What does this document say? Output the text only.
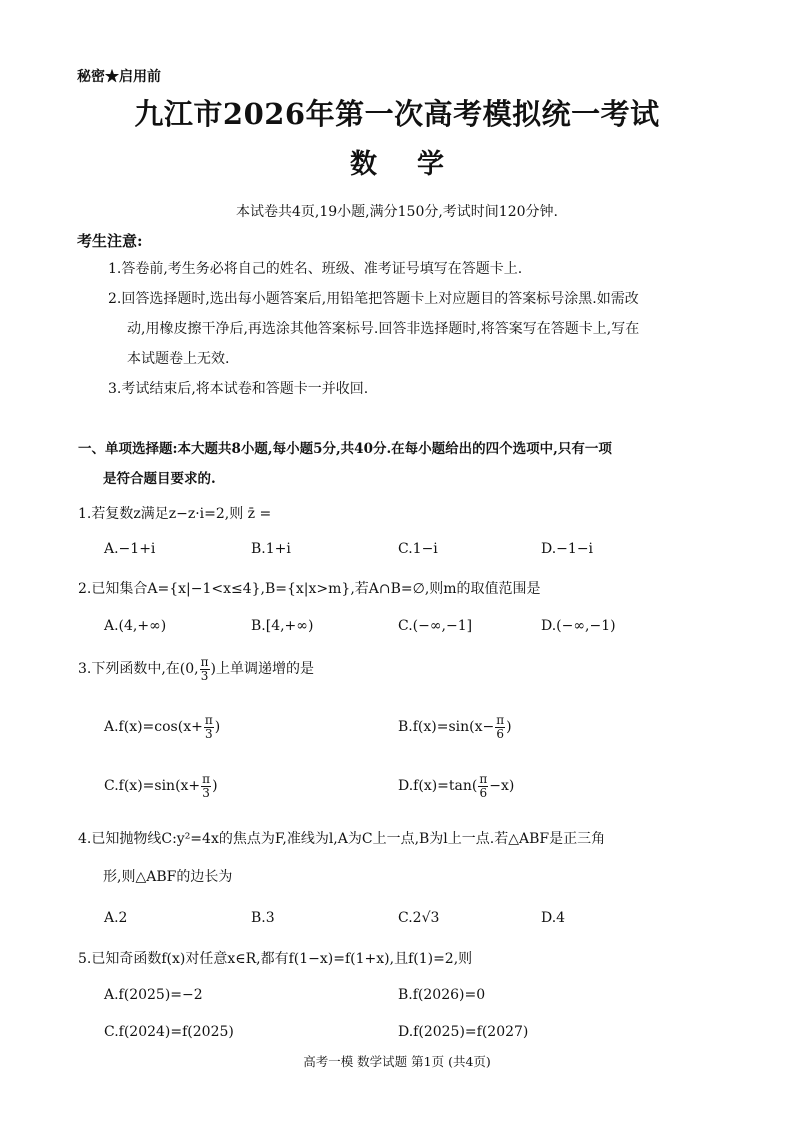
秘密★启用前
九江市2026年第一次高考模拟统一考试
数学
本试卷共4页,19小题,满分150分,考试时间120分钟.
考生注意:
1.答卷前,考生务必将自己的姓名、班级、准考证号填写在答题卡上.
2.回答选择题时,选出每小题答案后,用铅笔把答题卡上对应题目的答案标号涂黑.如需改
动,用橡皮擦干净后,再选涂其他答案标号.回答非选择题时,将答案写在答题卡上,写在
本试题卷上无效.
3.考试结束后,将本试卷和答题卡一并收回.
一、单项选择题:本大题共8小题,每小题5分,共40分.在每小题给出的四个选项中,只有一项
是符合题目要求的.
1.若复数z满足z−z·i=2,则 z̄ =
A.−1+i	B.1+i	C.1−i	D.−1−i
2.已知集合A={x|−1<x≤4},B={x|x>m},若A∩B=∅,则m的取值范围是
A.(4,+∞)	B.[4,+∞)	C.(−∞,−1]	D.(−∞,−1)
3.下列函数中,在(0, $\frac{\pi}{3}$ )上单调递增的是
$A.f(x)=\cos(x+ \frac{\pi}{3}$ )	$B.f(x)=\sin(x- \frac{\pi}{6}$ )
$C.f(x)=\sin(x+ \frac{\pi}{3}$ )	$D.f(x)=\tan( \frac{\pi}{6} -x)$
4.已知抛物线C:y²=4x的焦点为F,准线为l,A为C上一点,B为l上一点.若△ABF是正三角
形,则△ABF的边长为
A.2	B.3	C.2√3	D.4
5.已知奇函数f(x)对任意x∈R,都有f(1−x)=f(1+x),且f(1)=2,则
A.f(2025)=−2	B.f(2026)=0
C.f(2024)=f(2025)	D.f(2025)=f(2027)
高考一模 数学试题 第1页 (共4页)
